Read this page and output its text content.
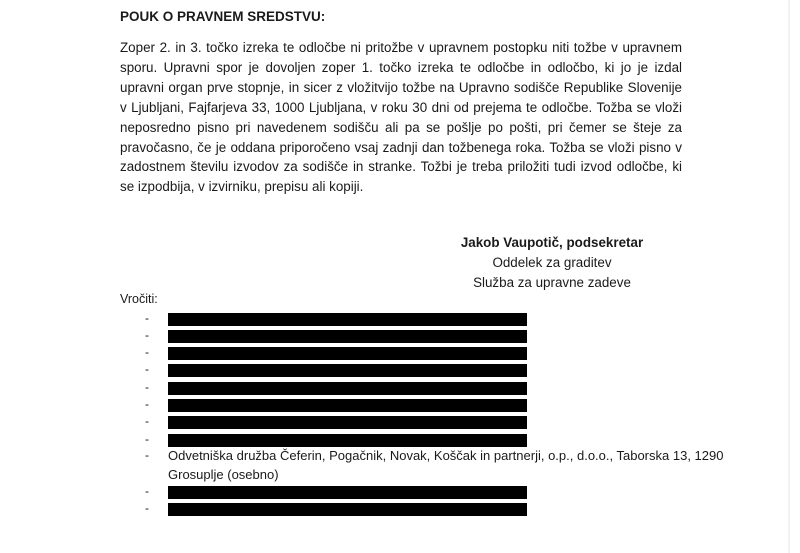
POUK O PRAVNEM SREDSTVU:
Zoper 2. in 3. točko izreka te odločbe ni pritožbe v upravnem postopku niti tožbe v upravnem sporu. Upravni spor je dovoljen zoper 1. točko izreka te odločbe in odločbo, ki jo je izdal upravni organ prve stopnje, in sicer z vložitvijo tožbe na Upravno sodišče Republike Slovenije v Ljubljani, Fajfarjeva 33, 1000 Ljubljana, v roku 30 dni od prejema te odločbe. Tožba se vloži neposredno pisno pri navedenem sodišču ali pa se pošlje po pošti, pri čemer se šteje za pravočasno, če je oddana priporočeno vsaj zadnji dan tožbenega roka. Tožba se vloži pisno v zadostnem številu izvodov za sodišče in stranke. Tožbi je treba priložiti tudi izvod odločbe, ki se izpodbija, v izvirniku, prepisu ali kopiji.
Jakob Vaupotič, podsekretar
Oddelek za graditev
Služba za upravne zadeve
Vročiti:
-
-
-
-
-
-
-
-
- Odvetniška družba Čeferin, Pogačnik, Novak, Koščak in partnerji, o.p., d.o.o., Taborska 13, 1290
Grosuplje (osebno)
-
-
